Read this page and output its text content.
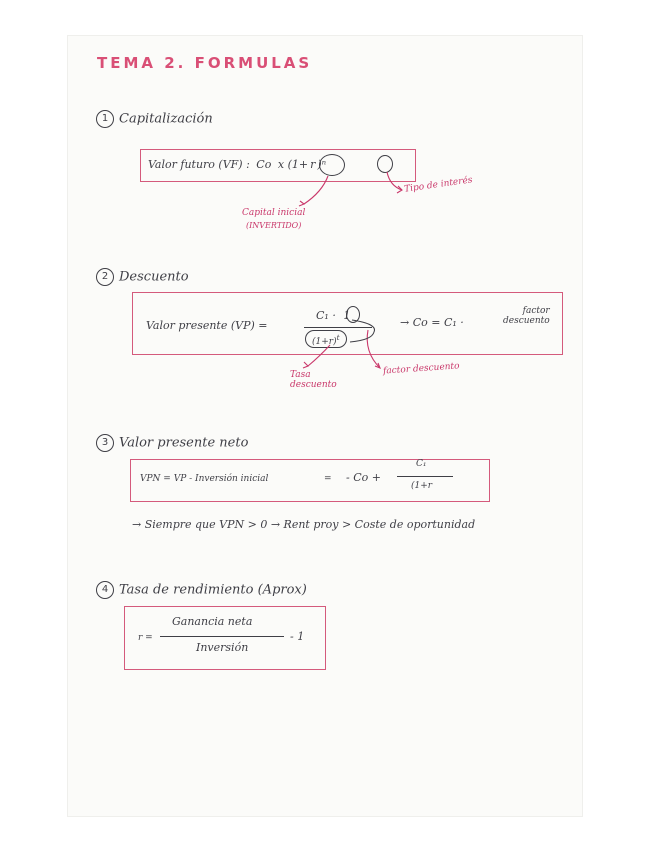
TEMA 2. FORMULAS
1 Capitalización
Valor futuro (VF) : Co x (1+ r )ⁿ
Capital inicial
(INVERTIDO)
Tipo de interés
2 Descuento
Valor presente (VP) =
C₁ · 1
$(1+r)^t$
→ Co = C₁ ·
factor
descuento
Tasa
descuento
factor descuento
3 Valor presente neto
VPN = VP - Inversión inicial	= - Co +
C₁
(1+r
→ Siempre que VPN > 0 → Rent proy > Coste de oportunidad
4 Tasa de rendimiento (Aprox)
r =
Ganancia neta
Inversión
- 1
